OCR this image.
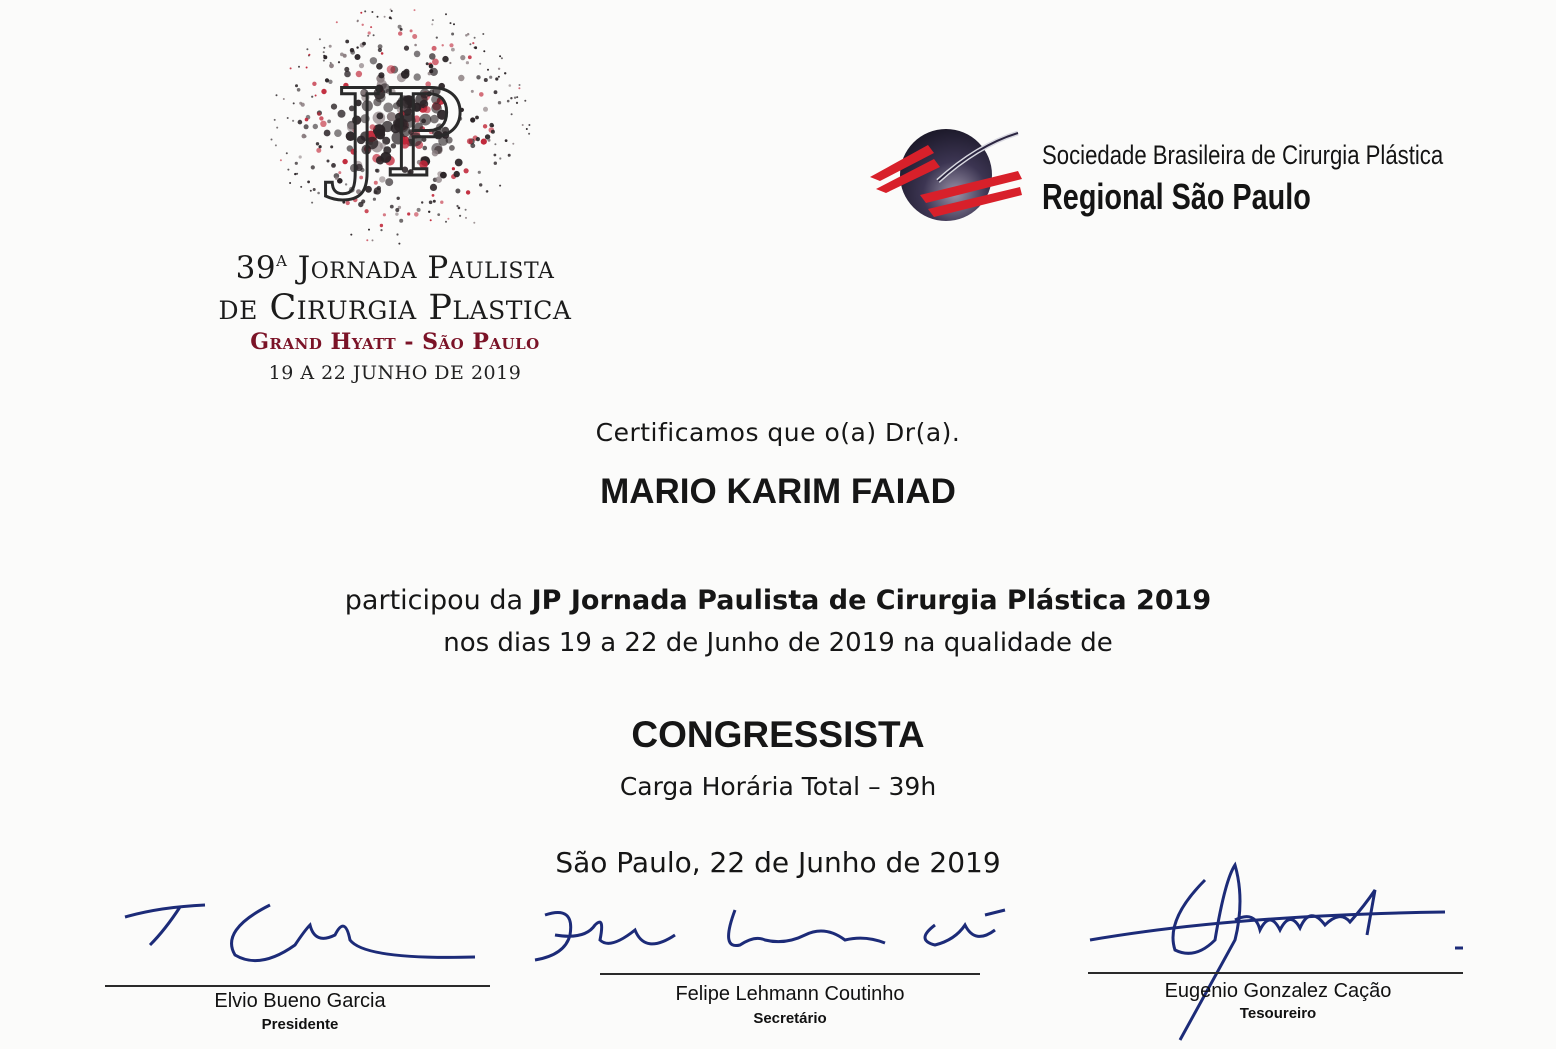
JP
$39^A$ Jornada Paulista
de Cirurgia Plastica
Grand Hyatt - São Paulo
19 A 22 JUNHO DE 2019
Sociedade Brasileira de Cirurgia Plástica
Regional São Paulo
Certificamos que o(a) Dr(a).
MARIO KARIM FAIAD
participou da JP Jornada Paulista de Cirurgia Plástica 2019
nos dias 19 a 22 de Junho de 2019 na qualidade de
CONGRESSISTA
Carga Horária Total – 39h
São Paulo, 22 de Junho de 2019
Elvio Bueno Garcia
Presidente
Felipe Lehmann Coutinho
Secretário
Eugenio Gonzalez Cação
Tesoureiro
